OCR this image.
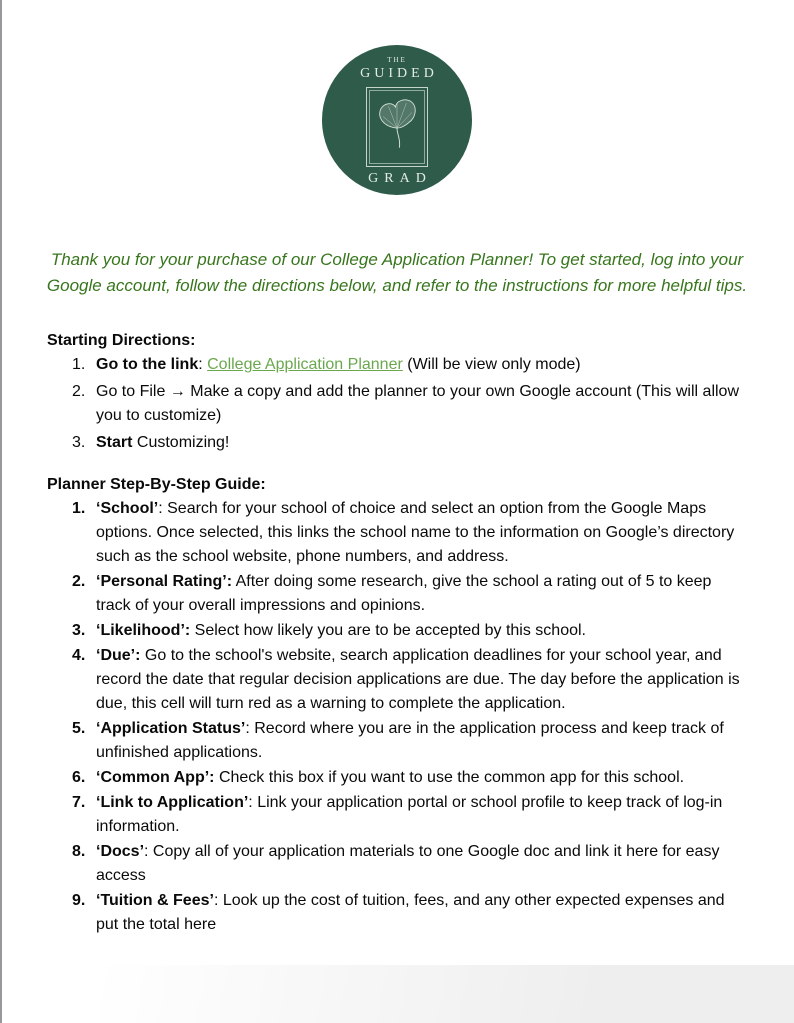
THE
GUIDED
GRAD

Thank you for your purchase of our College Application Planner! To get started, log into your Google account, follow the directions below, and refer to the instructions for more helpful tips.

Starting Directions:
Go to the link: College Application Planner (Will be view only mode)
Go to File → Make a copy and add the planner to your own Google account (This will allow you to customize)
Start Customizing!
Planner Step-By-Step Guide:
‘School’: Search for your school of choice and select an option from the Google Maps options. Once selected, this links the school name to the information on Google’s directory such as the school website, phone numbers, and address.
‘Personal Rating’: After doing some research, give the school a rating out of 5 to keep track of your overall impressions and opinions.
‘Likelihood’: Select how likely you are to be accepted by this school.
‘Due’: Go to the school's website, search application deadlines for your school year, and record the date that regular decision applications are due. The day before the application is due, this cell will turn red as a warning to complete the application.
‘Application Status’: Record where you are in the application process and keep track of unfinished applications.
‘Common App’: Check this box if you want to use the common app for this school.
‘Link to Application’: Link your application portal or school profile to keep track of log-in information.
‘Docs’: Copy all of your application materials to one Google doc and link it here for easy access
‘Tuition & Fees’: Look up the cost of tuition, fees, and any other expected expenses and put the total here
